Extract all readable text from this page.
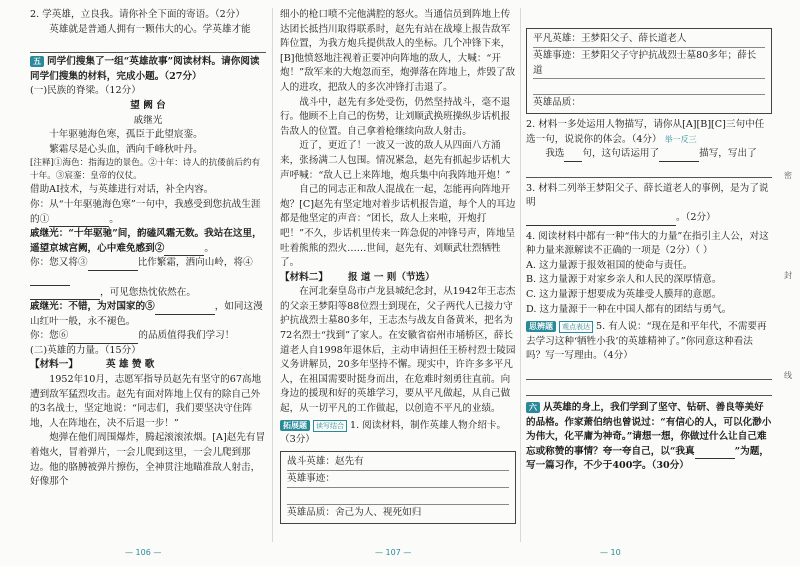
2. 学英雄，立良我。请你补全下面的寄语。（2分）

英雄就是普通人拥有一颗伟大的心。学英雄才能

五 同学们搜集了一组“英雄故事”阅读材料。请你阅读同学们搜集的材料，完成小题。（27分）

(一)民族的脊梁。（12分）

望 阙 台

戚继光

十年驱驰海色寒，孤臣于此望宸銮。

繁霜尽是心头血，洒向千峰秋叶丹。

[注释]①海色：指海边的景色。②十年：诗人的抗倭前后约有十年。③宸銮：皇帝的仪仗。

借助AI技术，与英雄进行对话，补全内容。

你：从“十年驱驰海色寒”一句中，我感受到您抗战生涯的①	。

戚继光：“十年驱驰”间，韵磕风霜无数。我站在这里，遥望京城宫阙，心中难免感到②	。

你：您又将③	比作繁霜，洒向山岭，将④

，可见您热忱依然在。

戚继光：不错，为对国家的⑤	，如同这漫山红叶一般，永不褪色。

你：您⑥	的品质值得我们学习！

(二)英雄的力量。（15分）

【材料一】	英 雄 赞 歌

1952年10月，志愿军指导员赵先有坚守的67高地遭到敌军猛烈攻击。赵先有面对阵地上仅有的除自己外的3名战士，坚定地说：“同志们，我们要坚决守住阵地，人在阵地在，决不后退一步！”

炮弹在他们周围爆炸，腾起滚滚浓烟。[A]赵先有冒着炮火，冒着弹片，一会儿爬到这里，一会儿爬到那边。他的胳膊被弹片擦伤，全神贯注地瞄准敌人射击，好像那个

细小的枪口喷不完他满腔的怒火。当通信员到阵地上传达团长抵挡川取得联系时，赵先有站在战壕上报告敌军阵位置，为我方炮兵提供敌人的坐标。几个冲锋下来，[B]他愤怒地注视着正要冲向阵地的敌人，大喊：“开炮！”敌军来的大炮忽而至，炮弹落在阵地上，炸毁了敌人的进攻，把敌人的多次冲锋打击退了。

战斗中，赵先有多处受伤，仍然坚持战斗，毫不退行。他顾不上自己的伤势，让刘顺武换班操纵步话机报告敌人的位置。自己拿着枪继续向敌人射击。

近了，更近了！一波又一波的敌人从四面八方涌来，张扬满二人包围。情况紧急，赵先有抓起步话机大声呼喊：“敌人已上来阵地，炮兵集中向我阵地开炮！”

自己的同志正和敌人混战在一起，怎能再向阵地开炮？[C]赵先有坚定地对着步话机报告道，每个人的耳边都是他坚定的声音：“团长，敌人上来啦，开炮打吧！”不久，步话机里传来一阵急促的冲锋号声，阵地呈吐着熊熊的烈火……世间，赵先有、刘顺武壮烈牺牲了。

【材料二】 报 道 一 则（节选）

在河北秦皇岛市卢龙县城纪念封，从1942年王志杰的父亲王梦阳等88位烈士到现在，父子两代人已接力守护抗战烈士墓80多年，王志杰与战友自备黄米，把名为72名烈士“找到”了家人。在安徽省宿州市埇桥区，薛长道老人自1998年退休后，主动申请担任王桥村烈士陵园义务讲解员，20多年坚持不懈。现实中，许许多多平凡人，在祖国需要时挺身而出，在危难时刻勇往直前。向身边的援现和好的英雄学习，要从平凡做起，从自己做起，从一切平凡的工作做起，以创造不平凡的业绩。

拓展题 读写结合 1. 阅读材料，制作英雄人物介绍卡。（3分）

战斗英雄：赵先有
英雄事迹：
英雄品质：舍己为人、视死如归
平凡英雄：王梦阳父子、薛长道老人
英雄事迹：王梦阳父子守护抗战烈士墓80多年；薛长道
英雄品质：

2. 材料一多处运用人物描写，请你从[A][B][C]三句中任选一句，说说你的体会。（4分） 举一反三

我选 句，这句话运用了	描写，写出了

3. 材料二列举王梦阳父子、薛长道老人的事例，是为了说明

。（2分）

4. 阅读材料中都有一种“伟大的力量”在指引主人公，对这种力量来源解读不正确的一项是（2分）（ ）

A. 这力量源于报效祖国的使命与责任。

B. 这力量源于对家乡亲人和人民的深厚情意。

C. 这力量源于想要成为英雄受人膜拜的意愿。

D. 这力量源于一种在中国人都有的团结与勇气。

思辨题 观点表达 5. 有人说：“现在是和平年代，不需要再去学习这种‘牺牲小我’的英雄精神了。”你同意这种看法吗？写一写理由。（4分）

六 从英雄的身上，我们学到了坚守、钻研、善良等美好的品格。作家萧伯纳也曾说过：“有信心的人，可以化渺小为伟大，化平庸为神奇。”请想一想，你做过什么让自己难忘或称赞的事情？夸一夸自己，以“我真	”为题，写一篇习作，不少于400字。（30分）

密
封
线
— 106 —	— 107 —	— 10
